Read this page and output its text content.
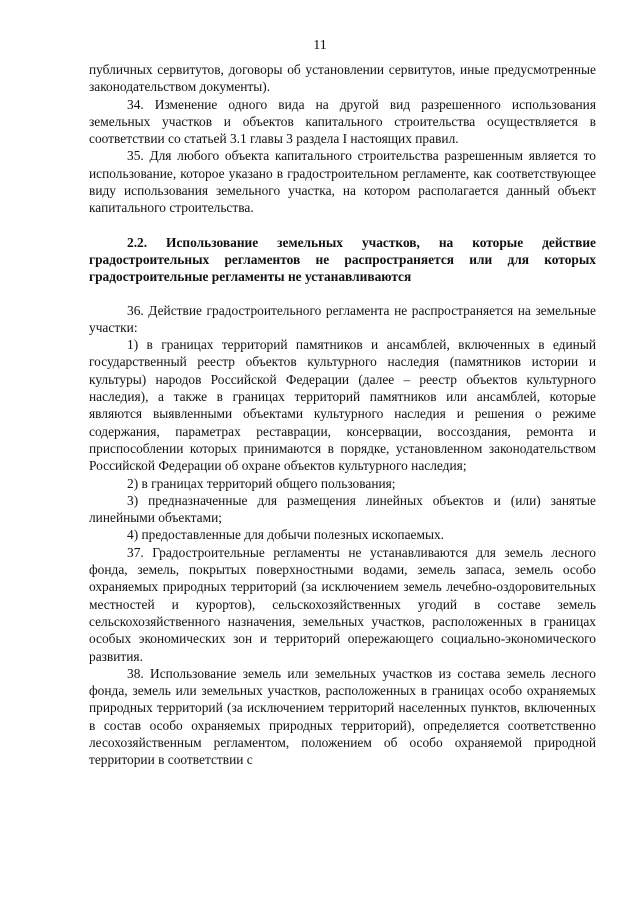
11

публичных сервитутов, договоры об установлении сервитутов, иные предусмотренные законодательством документы).

34. Изменение одного вида на другой вид разрешенного использования земельных участков и объектов капитального строительства осуществляется в соответствии со статьей 3.1 главы 3 раздела I настоящих правил.

35. Для любого объекта капитального строительства разрешенным является то использование, которое указано в градостроительном регламенте, как соответствующее виду использования земельного участка, на котором располагается данный объект капитального строительства.

2.2. Использование земельных участков, на которые действие градостроительных регламентов не распространяется или для которых градостроительные регламенты не устанавливаются

36. Действие градостроительного регламента не распространяется на земельные участки:

1) в границах территорий памятников и ансамблей, включенных в единый государственный реестр объектов культурного наследия (памятников истории и культуры) народов Российской Федерации (далее – реестр объектов культурного наследия), а также в границах территорий памятников или ансамблей, которые являются выявленными объектами культурного наследия и решения о режиме содержания, параметрах реставрации, консервации, воссоздания, ремонта и приспособлении которых принимаются в порядке, установленном законодательством Российской Федерации об охране объектов культурного наследия;

2) в границах территорий общего пользования;

3) предназначенные для размещения линейных объектов и (или) занятые линейными объектами;

4) предоставленные для добычи полезных ископаемых.

37. Градостроительные регламенты не устанавливаются для земель лесного фонда, земель, покрытых поверхностными водами, земель запаса, земель особо охраняемых природных территорий (за исключением земель лечебно-оздоровительных местностей и курортов), сельскохозяйственных угодий в составе земель сельскохозяйственного назначения, земельных участков, расположенных в границах особых экономических зон и территорий опережающего социально-экономического развития.

38. Использование земель или земельных участков из состава земель лесного фонда, земель или земельных участков, расположенных в границах особо охраняемых природных территорий (за исключением территорий населенных пунктов, включенных в состав особо охраняемых природных территорий), определяется соответственно лесохозяйственным регламентом, положением об особо охраняемой природной территории в соответствии с
